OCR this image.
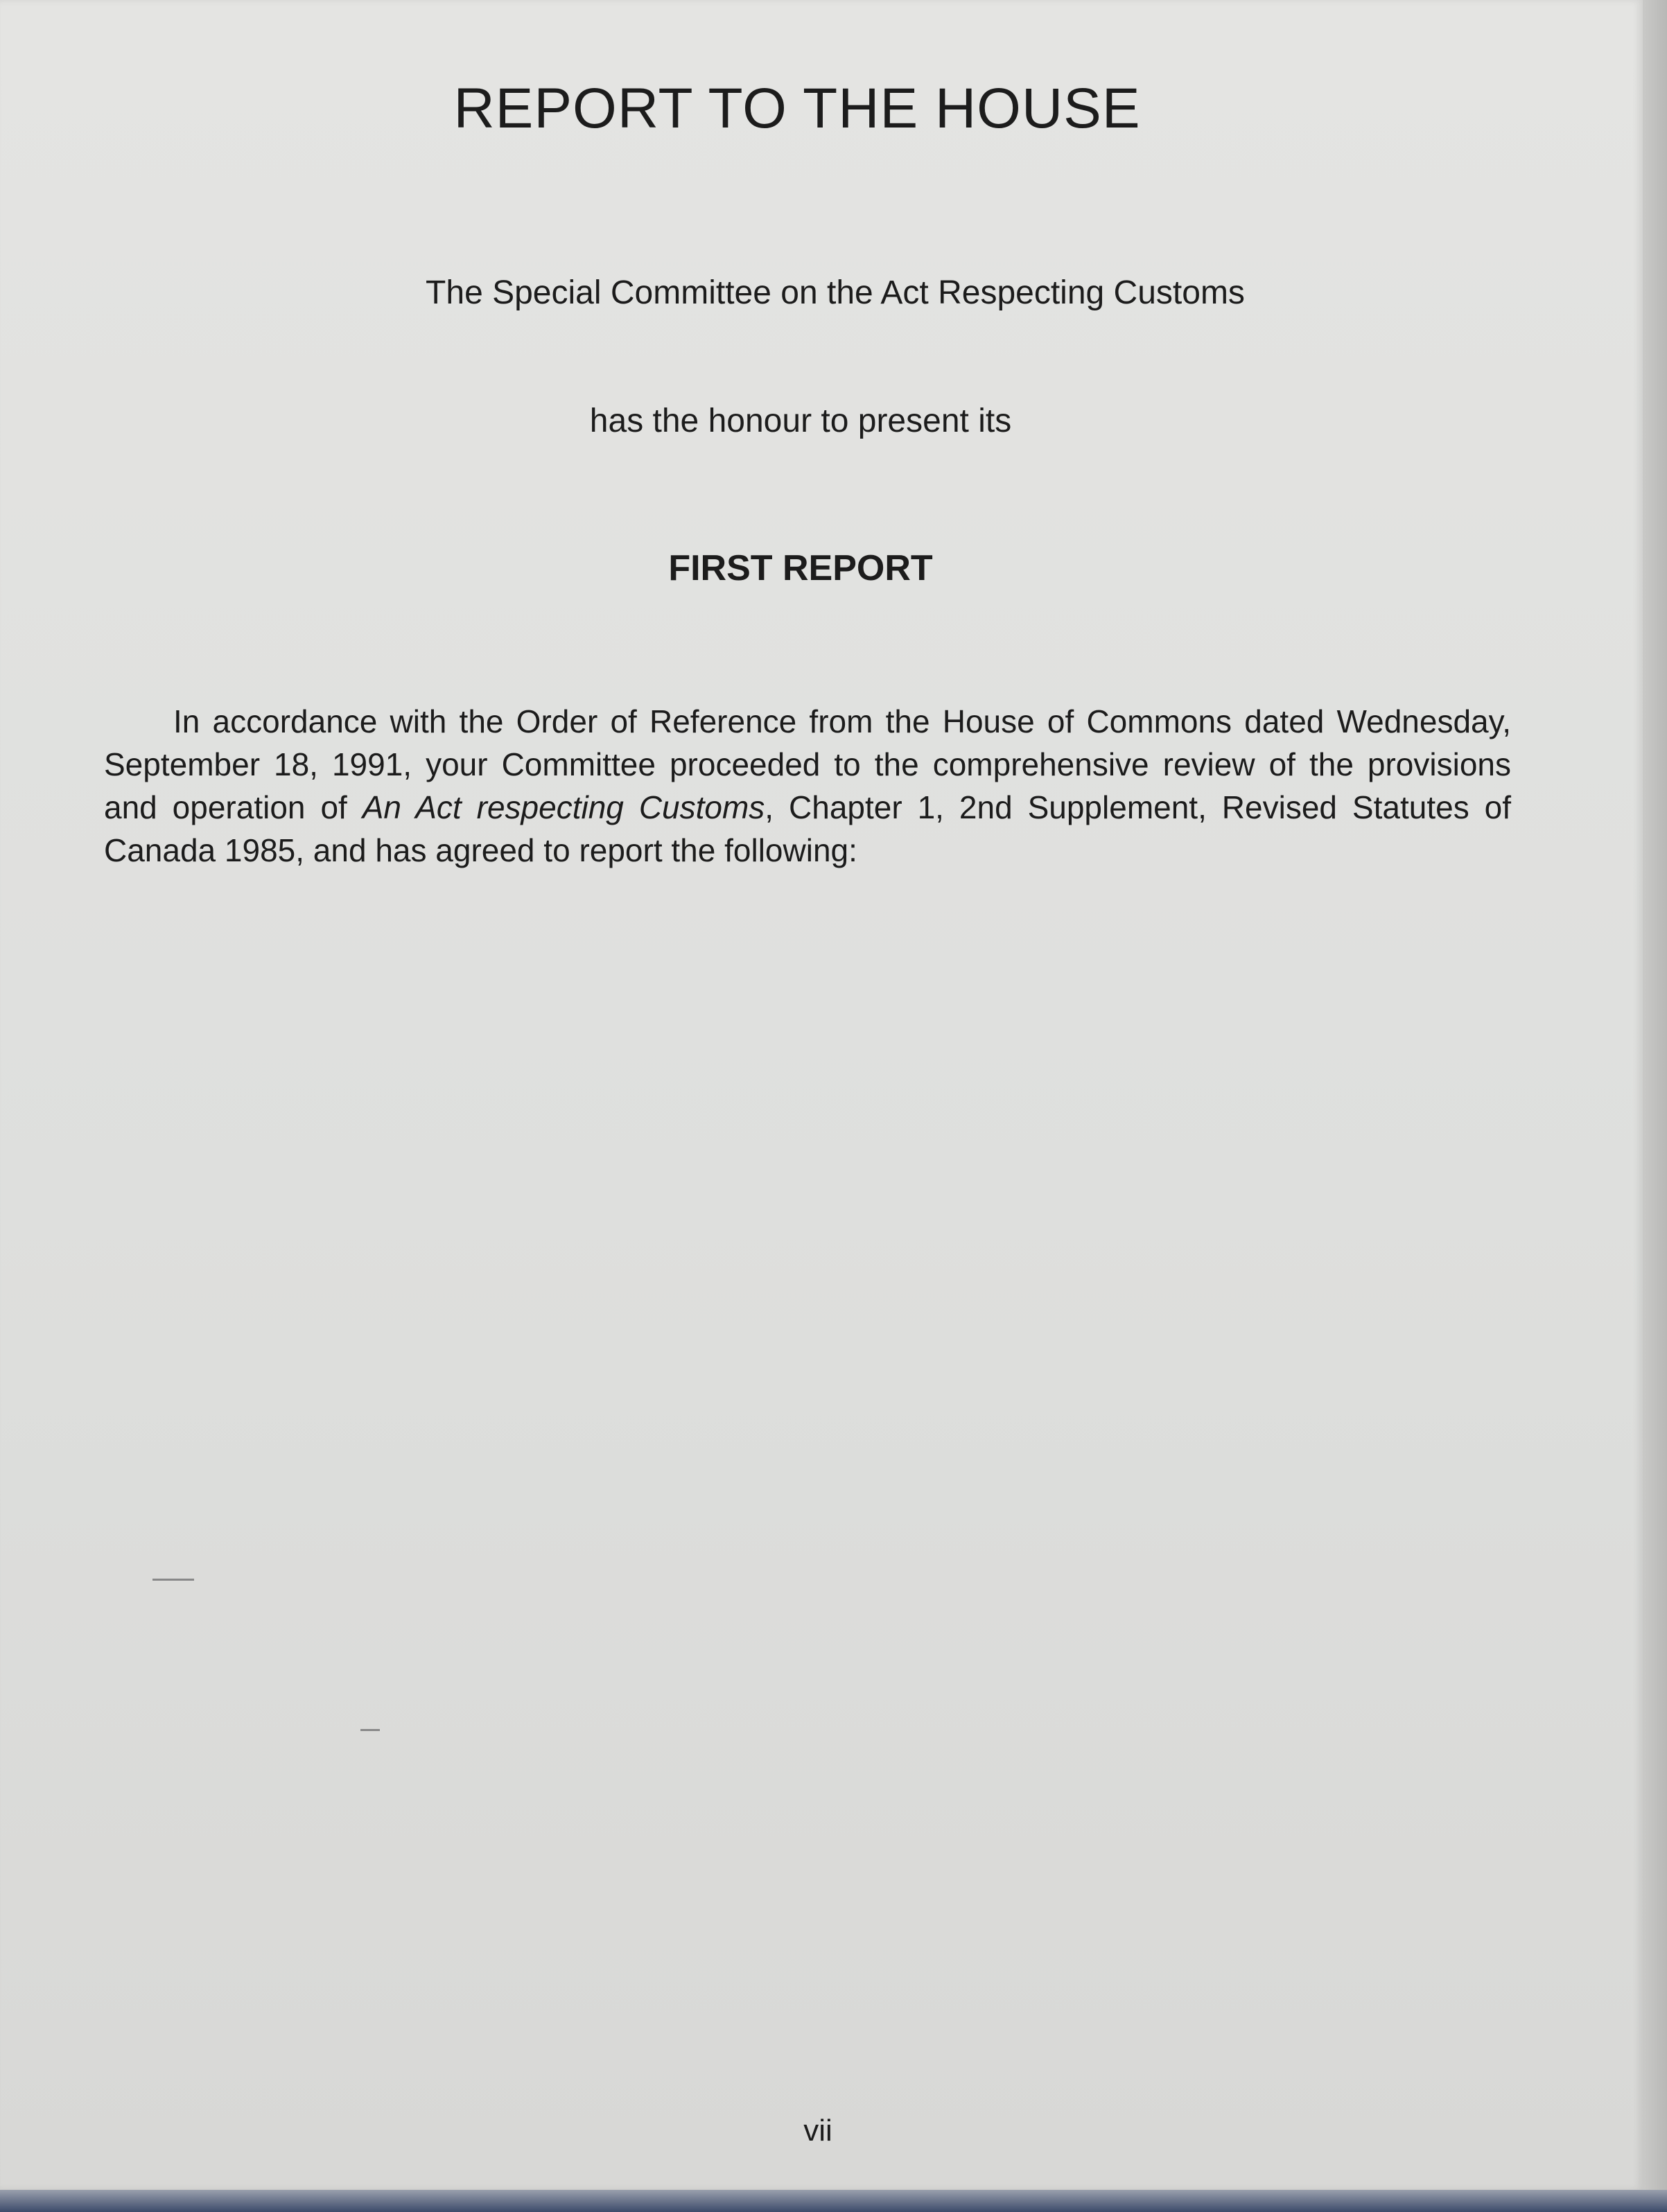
REPORT TO THE HOUSE

The Special Committee on the Act Respecting Customs

has the honour to present its

FIRST REPORT

In accordance with the Order of Reference from the House of Commons dated Wednesday, September 18, 1991, your Committee proceeded to the comprehensive review of the provisions and operation of An Act respecting Customs, Chapter 1, 2nd Supplement, Revised Statutes of Canada 1985, and has agreed to report the following:

vii
